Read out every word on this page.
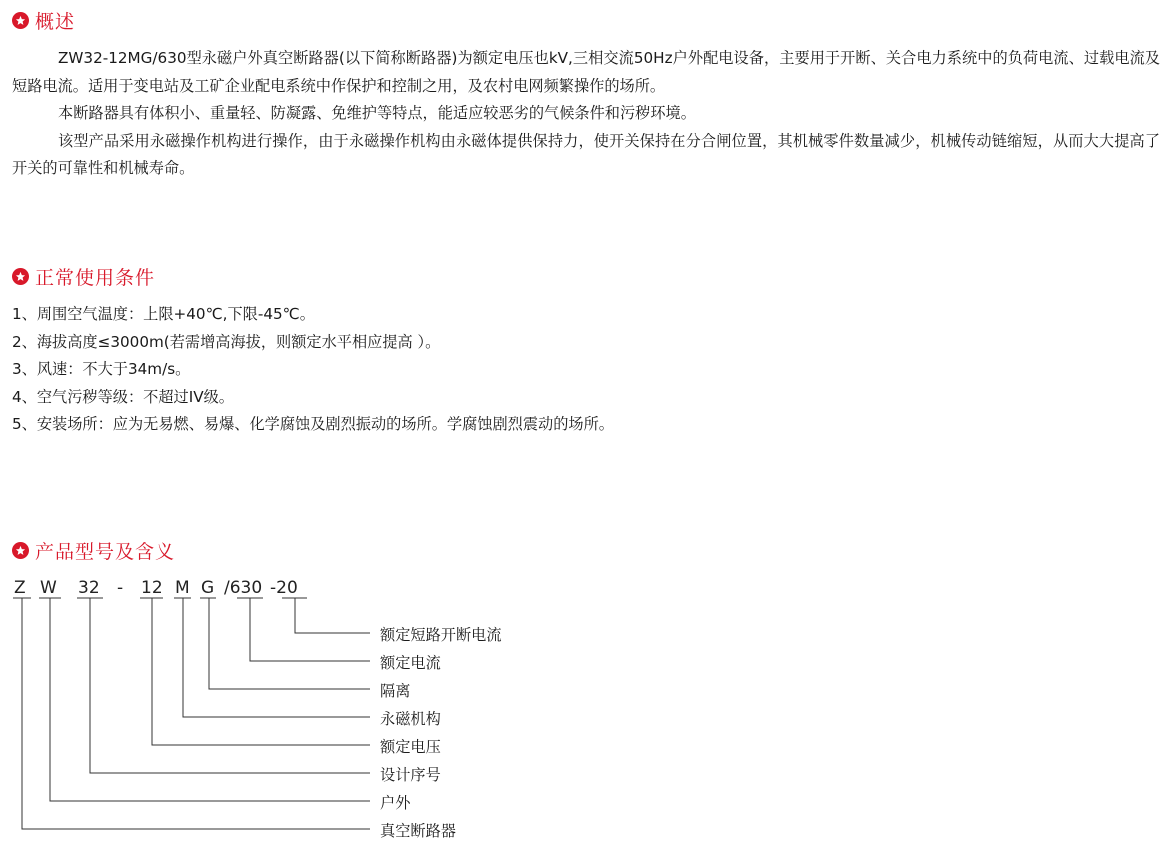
概述

ZW32-12MG/630型永磁户外真空断路器(以下简称断路器)为额定电压也kV,三相交流50Hz户外配电设备，主要用于开断、关合电力系统中的负荷电流、过载电流及短路电流。适用于变电站及工矿企业配电系统中作保护和控制之用，及农村电网频繁操作的场所。

本断路器具有体积小、重量轻、防凝露、免维护等特点，能适应较恶劣的气候条件和污秽环境。

该型产品采用永磁操作机构进行操作，由于永磁操作机构由永磁体提供保持力，使开关保持在分合闸位置，其机械零件数量减少，机械传动链缩短，从而大大提高了开关的可靠性和机械寿命。

正常使用条件
1、周围空气温度：上限+40℃,下限-45℃。
2、海拔高度≤3000m(若需增高海拔，则额定水平相应提高 ）。
3、风速：不大于34m/s。
4、空气污秽等级：不超过IV级。
5、安装场所：应为无易燃、易爆、化学腐蚀及剧烈振动的场所。学腐蚀剧烈震动的场所。
产品型号及含义
Z W 32 - 12 M G /630 -20
额定短路开断电流
额定电流
隔离
永磁机构
额定电压
设计序号
户外
真空断路器
